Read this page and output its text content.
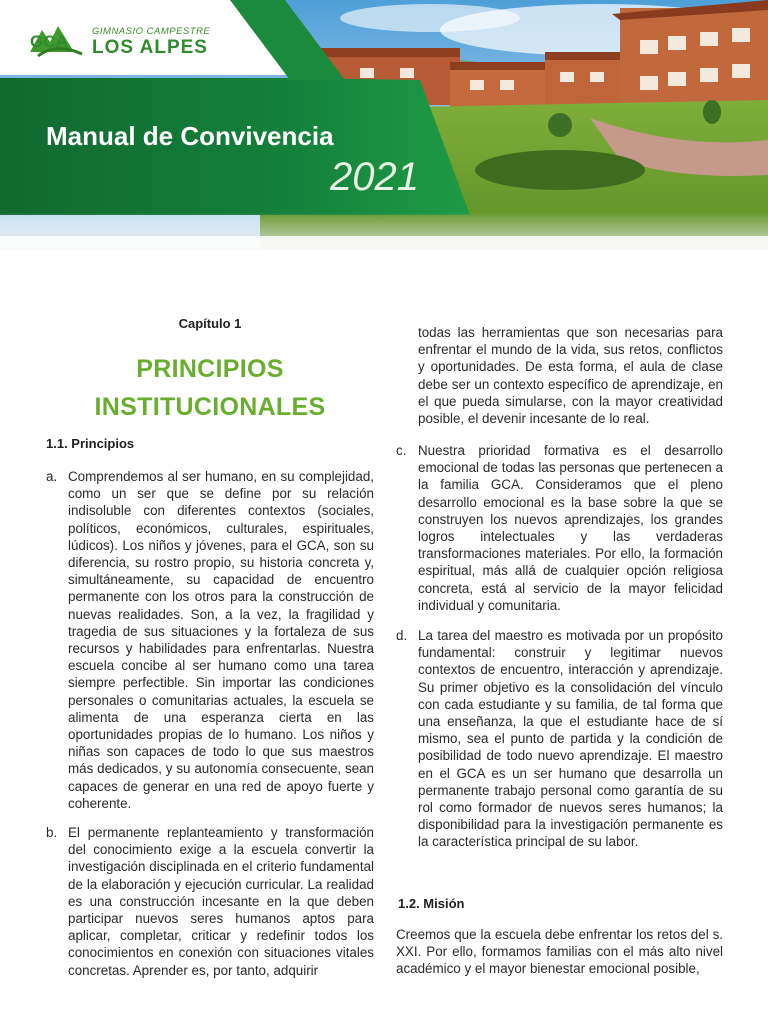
GCA
GIMNASIO CAMPESTRE
LOS ALPES
Manual de Convivencia
2021
Capítulo 1
PRINCIPIOS
INSTITUCIONALES
1.1. Principios
a. Comprendemos al ser humano, en su complejidad, como un ser que se define por su relación indisoluble con diferentes contextos (sociales, políticos, económicos, culturales, espirituales, lúdicos). Los niños y jóvenes, para el GCA, son su diferencia, su rostro propio, su historia concreta y, simultáneamente, su capacidad de encuentro permanente con los otros para la construcción de nuevas realidades. Son, a la vez, la fragilidad y tragedia de sus situaciones y la fortaleza de sus recursos y habilidades para enfrentarlas. Nuestra escuela concibe al ser humano como una tarea siempre perfectible. Sin importar las condiciones personales o comunitarias actuales, la escuela se alimenta de una esperanza cierta en las oportunidades propias de lo humano. Los niños y niñas son capaces de todo lo que sus maestros más dedicados, y su autonomía consecuente, sean capaces de generar en una red de apoyo fuerte y coherente.
b. El permanente replanteamiento y transformación del conocimiento exige a la escuela convertir la investigación disciplinada en el criterio fundamental de la elaboración y ejecución curricular. La realidad es una construcción incesante en la que deben participar nuevos seres humanos aptos para aplicar, completar, criticar y redefinir todos los conocimientos en conexión con situaciones vitales concretas. Aprender es, por tanto, adquirir
todas las herramientas que son necesarias para enfrentar el mundo de la vida, sus retos, conflictos y oportunidades. De esta forma, el aula de clase debe ser un contexto específico de aprendizaje, en el que pueda simularse, con la mayor creatividad posible, el devenir incesante de lo real.
c. Nuestra prioridad formativa es el desarrollo emocional de todas las personas que pertenecen a la familia GCA. Consideramos que el pleno desarrollo emocional es la base sobre la que se construyen los nuevos aprendizajes, los grandes logros intelectuales y las verdaderas transformaciones materiales. Por ello, la formación espiritual, más allá de cualquier opción religiosa concreta, está al servicio de la mayor felicidad individual y comunitaria.
d. La tarea del maestro es motivada por un propósito fundamental: construir y legitimar nuevos contextos de encuentro, interacción y aprendizaje. Su primer objetivo es la consolidación del vínculo con cada estudiante y su familia, de tal forma que una enseñanza, la que el estudiante hace de sí mismo, sea el punto de partida y la condición de posibilidad de todo nuevo aprendizaje. El maestro en el GCA es un ser humano que desarrolla un permanente trabajo personal como garantía de su rol como formador de nuevos seres humanos; la disponibilidad para la investigación permanente es la característica principal de su labor.
1.2. Misión
Creemos que la escuela debe enfrentar los retos del s. XXI. Por ello, formamos familias con el más alto nivel académico y el mayor bienestar emocional posible,
